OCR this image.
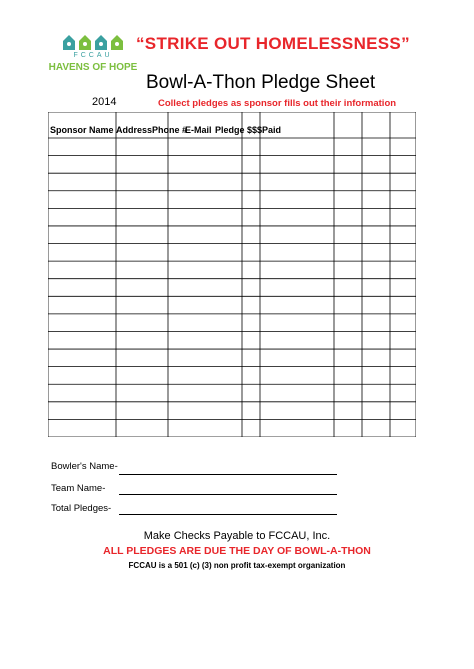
FCCAU
HAVENS OF HOPE
“STRIKE OUT HOMELESSNESS”
Bowl-A-Thon Pledge Sheet
2014	Collect pledges as sponsor fills out their information
Sponsor Name Address Phone #
E-Mail Pledge $$$ Paid
Bowler's Name-
Team Name-
Total Pledges-
Make Checks Payable to FCCAU, Inc.
ALL PLEDGES ARE DUE THE DAY OF BOWL-A-THON
FCCAU is a 501 (c) (3) non profit tax-exempt organization
